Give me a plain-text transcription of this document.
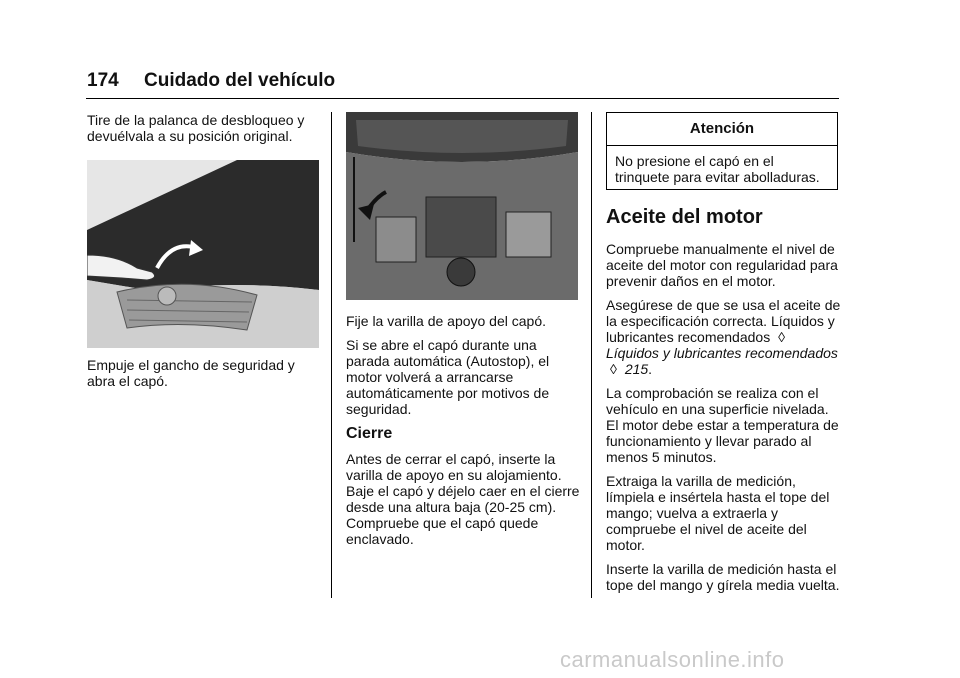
174 Cuidado del vehículo

Tire de la palanca de desbloqueo y devuélvala a su posición original.

Empuje el gancho de seguridad y abra el capó.

Fije la varilla de apoyo del capó.

Si se abre el capó durante una parada automática (Autostop), el motor volverá a arrancarse automáticamente por motivos de seguridad.

Cierre

Antes de cerrar el capó, inserte la varilla de apoyo en su alojamiento. Baje el capó y déjelo caer en el cierre desde una altura baja (20-25 cm). Compruebe que el capó quede enclavado.

Atención
No presione el capó en el trinquete para evitar abolladuras.
Aceite del motor

Compruebe manualmente el nivel de aceite del motor con regularidad para prevenir daños en el motor.

Asegúrese de que se usa el aceite de la especificación correcta. Líquidos y lubricantes recomendados ◊ Líquidos y lubricantes recomendados ◊ 215.

La comprobación se realiza con el vehículo en una superficie nivelada. El motor debe estar a temperatura de funcionamiento y llevar parado al menos 5 minutos.

Extraiga la varilla de medición, límpiela e insértela hasta el tope del mango; vuelva a extraerla y compruebe el nivel de aceite del motor.

Inserte la varilla de medición hasta el tope del mango y gírela media vuelta.

carmanualsonline.info
